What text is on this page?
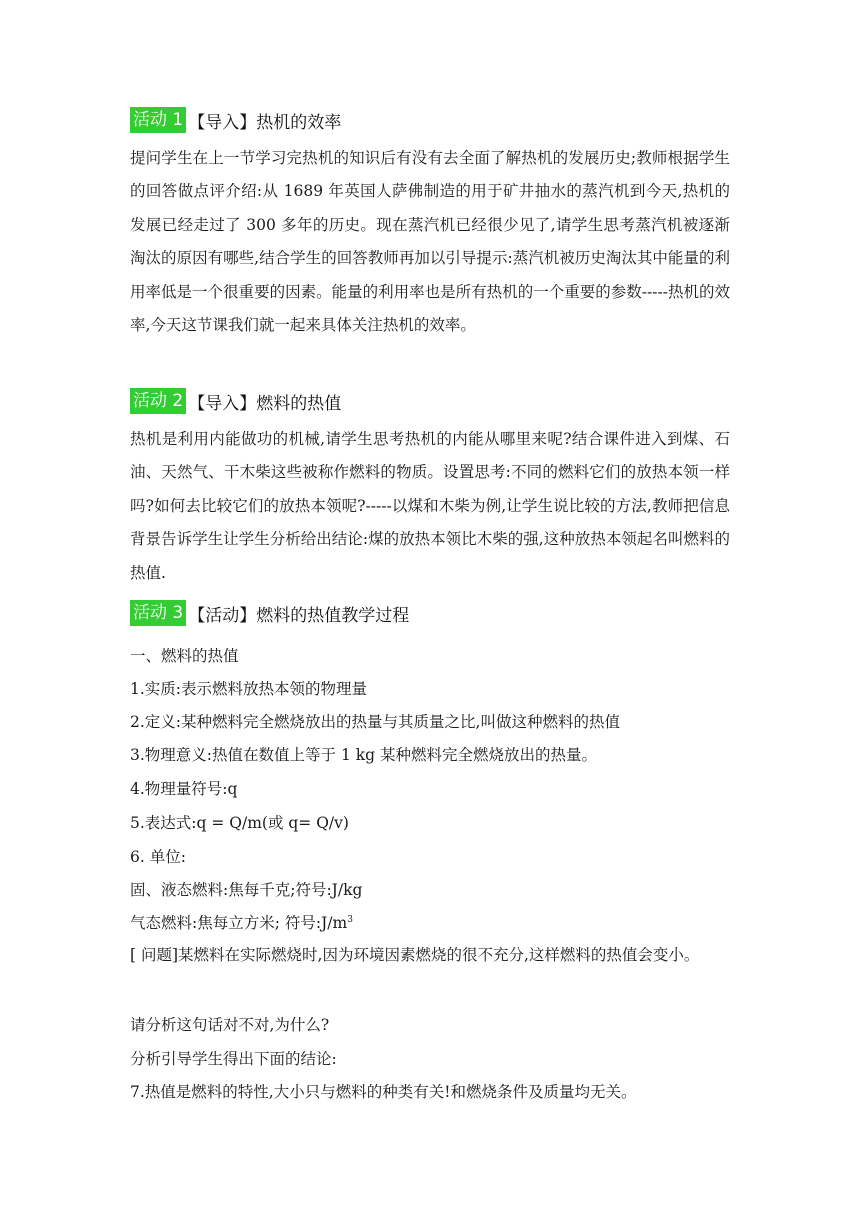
活动 1 【导入】热机的效率
提问学生在上一节学习完热机的知识后有没有去全面了解热机的发展历史;教师根据学生的回答做点评介绍:从 1689 年英国人萨佛制造的用于矿井抽水的蒸汽机到今天,热机的发展已经走过了 300 多年的历史。现在蒸汽机已经很少见了,请学生思考蒸汽机被逐渐淘汰的原因有哪些,结合学生的回答教师再加以引导提示:蒸汽机被历史淘汰其中能量的利用率低是一个很重要的因素。能量的利用率也是所有热机的一个重要的参数-----热机的效率,今天这节课我们就一起来具体关注热机的效率。
活动 2 【导入】燃料的热值
热机是利用内能做功的机械,请学生思考热机的内能从哪里来呢?结合课件进入到煤、石油、天然气、干木柴这些被称作燃料的物质。设置思考:不同的燃料它们的放热本领一样吗?如何去比较它们的放热本领呢?-----以煤和木柴为例,让学生说比较的方法,教师把信息背景告诉学生让学生分析给出结论:煤的放热本领比木柴的强,这种放热本领起名叫燃料的热值.
活动 3 【活动】燃料的热值教学过程
一、燃料的热值
1.实质:表示燃料放热本领的物理量
2.定义:某种燃料完全燃烧放出的热量与其质量之比,叫做这种燃料的热值
3.物理意义:热值在数值上等于 1 kg 某种燃料完全燃烧放出的热量。
4.物理量符号:q
5.表达式:q = Q/m(或 q= Q/v)
6. 单位:
固、液态燃料:焦每千克;符号:J/kg
气态燃料:焦每立方米; 符号$:J/m^3$
[ 问题]某燃料在实际燃烧时,因为环境因素燃烧的很不充分,这样燃料的热值会变小。
请分析这句话对不对,为什么?
分析引导学生得出下面的结论:
7.热值是燃料的特性,大小只与燃料的种类有关!和燃烧条件及质量均无关。
